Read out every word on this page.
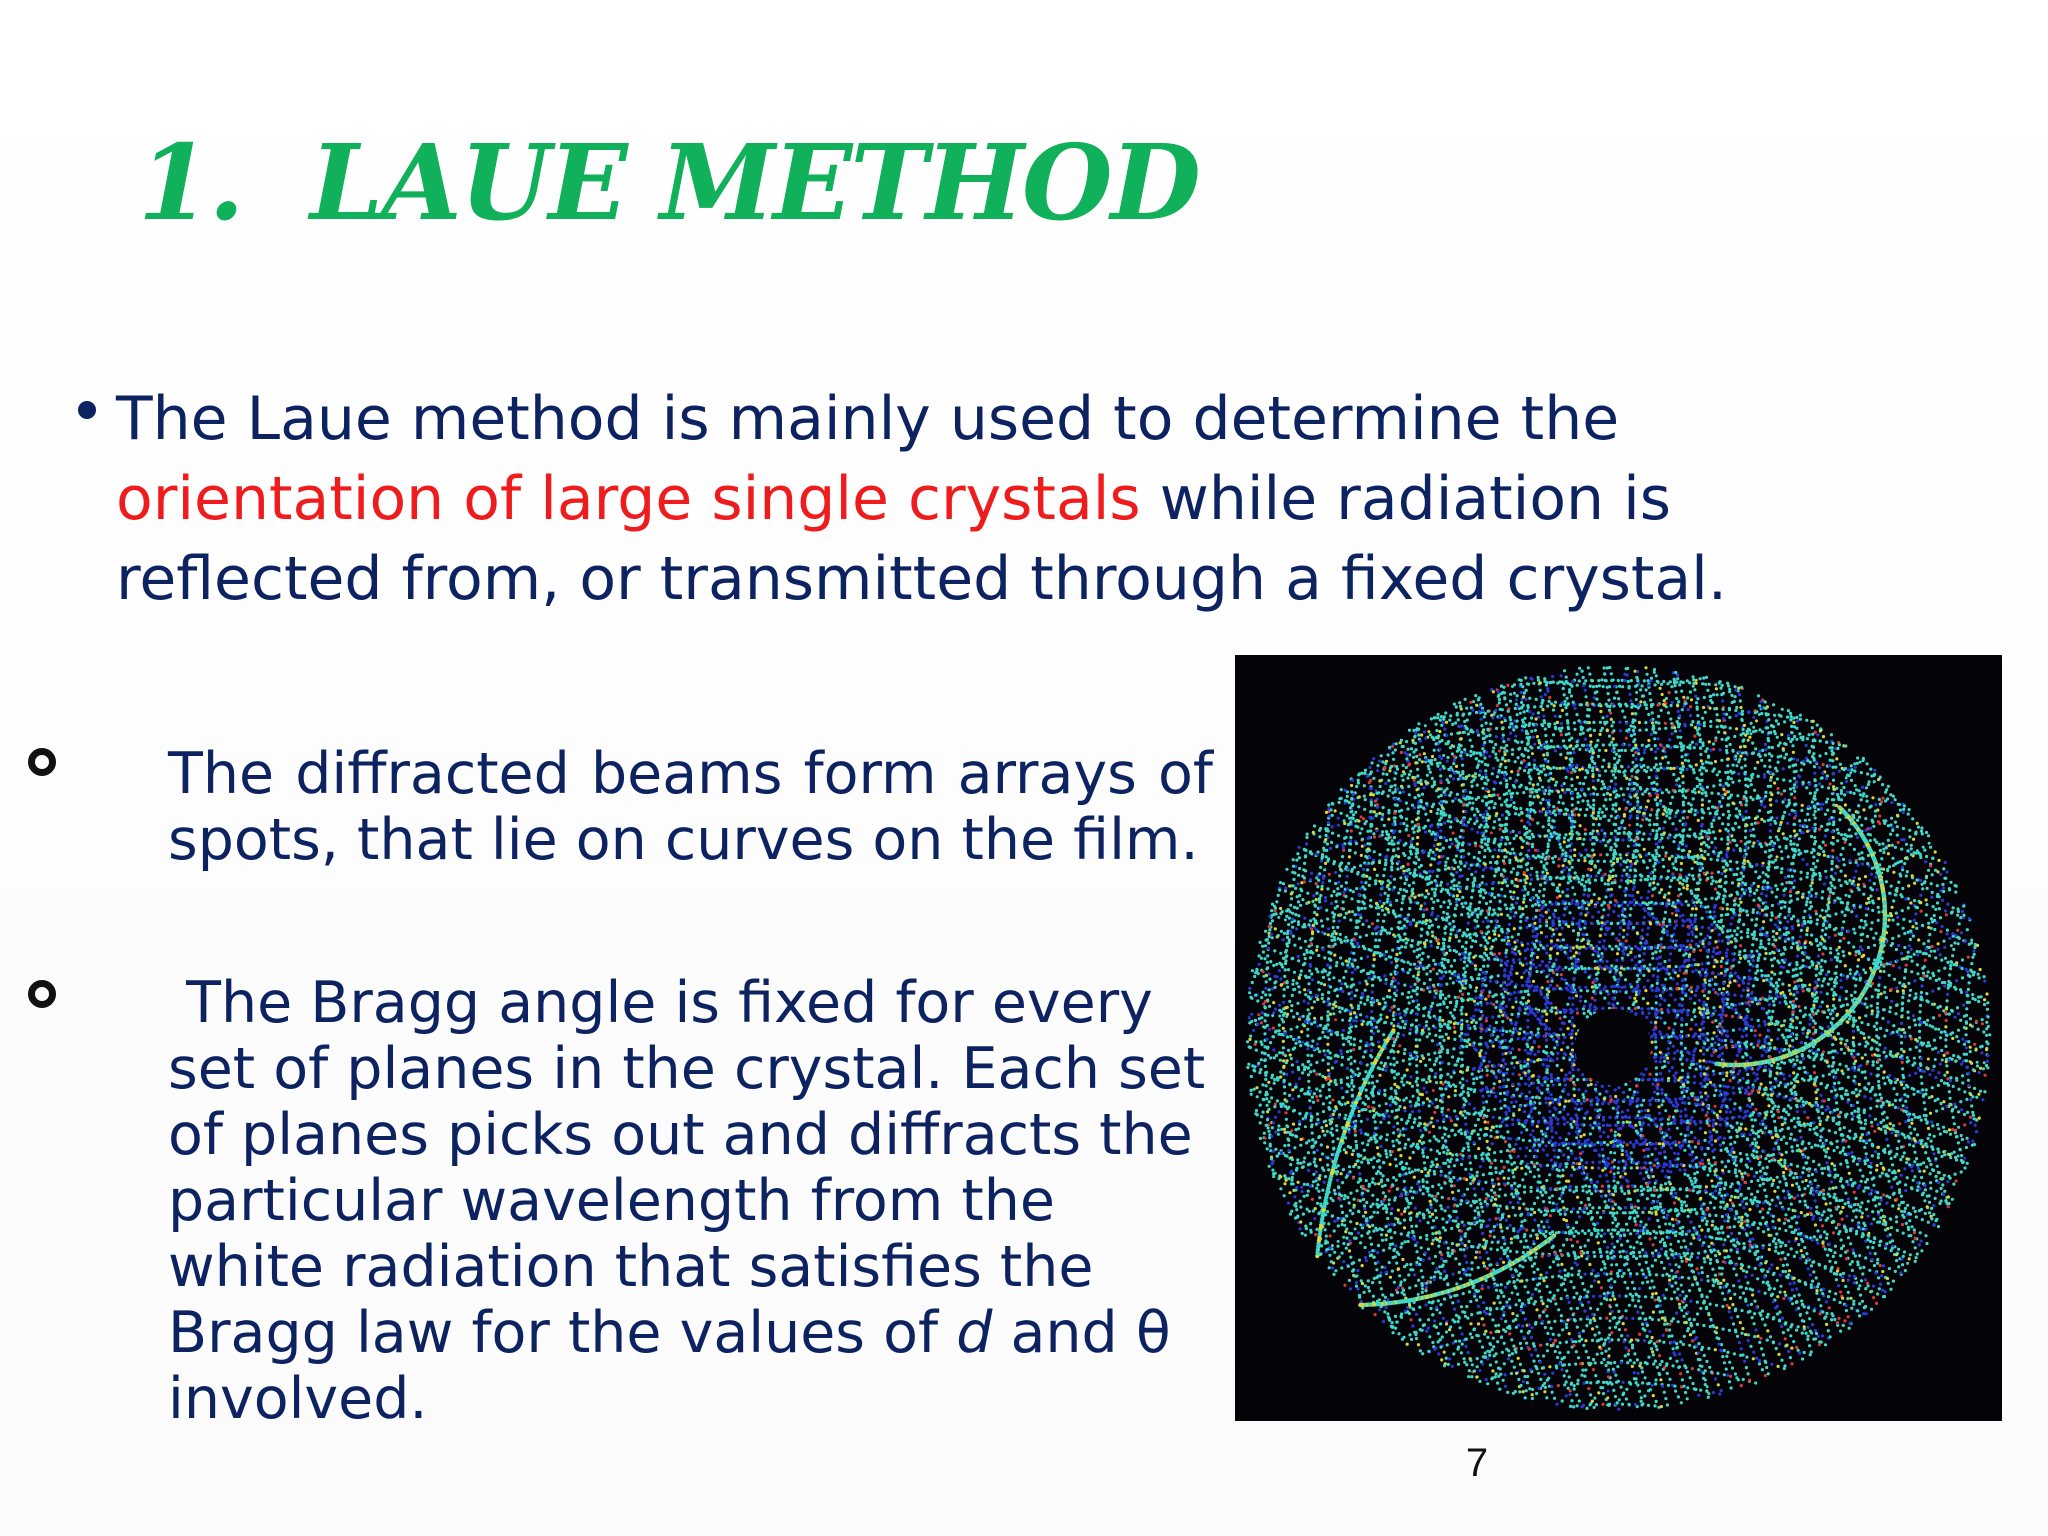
1. LAUE METHOD
The Laue method is mainly used to determine the orientation of large single crystals while radiation is reflected from, or transmitted through a fixed crystal.
The diffracted beams form arrays of
spots, that lie on curves on the film.
The Bragg angle is fixed for every set of planes in the crystal. Each set of planes picks out and diffracts the particular wavelength from the white radiation that satisfies the Bragg law for the values of d and θ involved.
7
